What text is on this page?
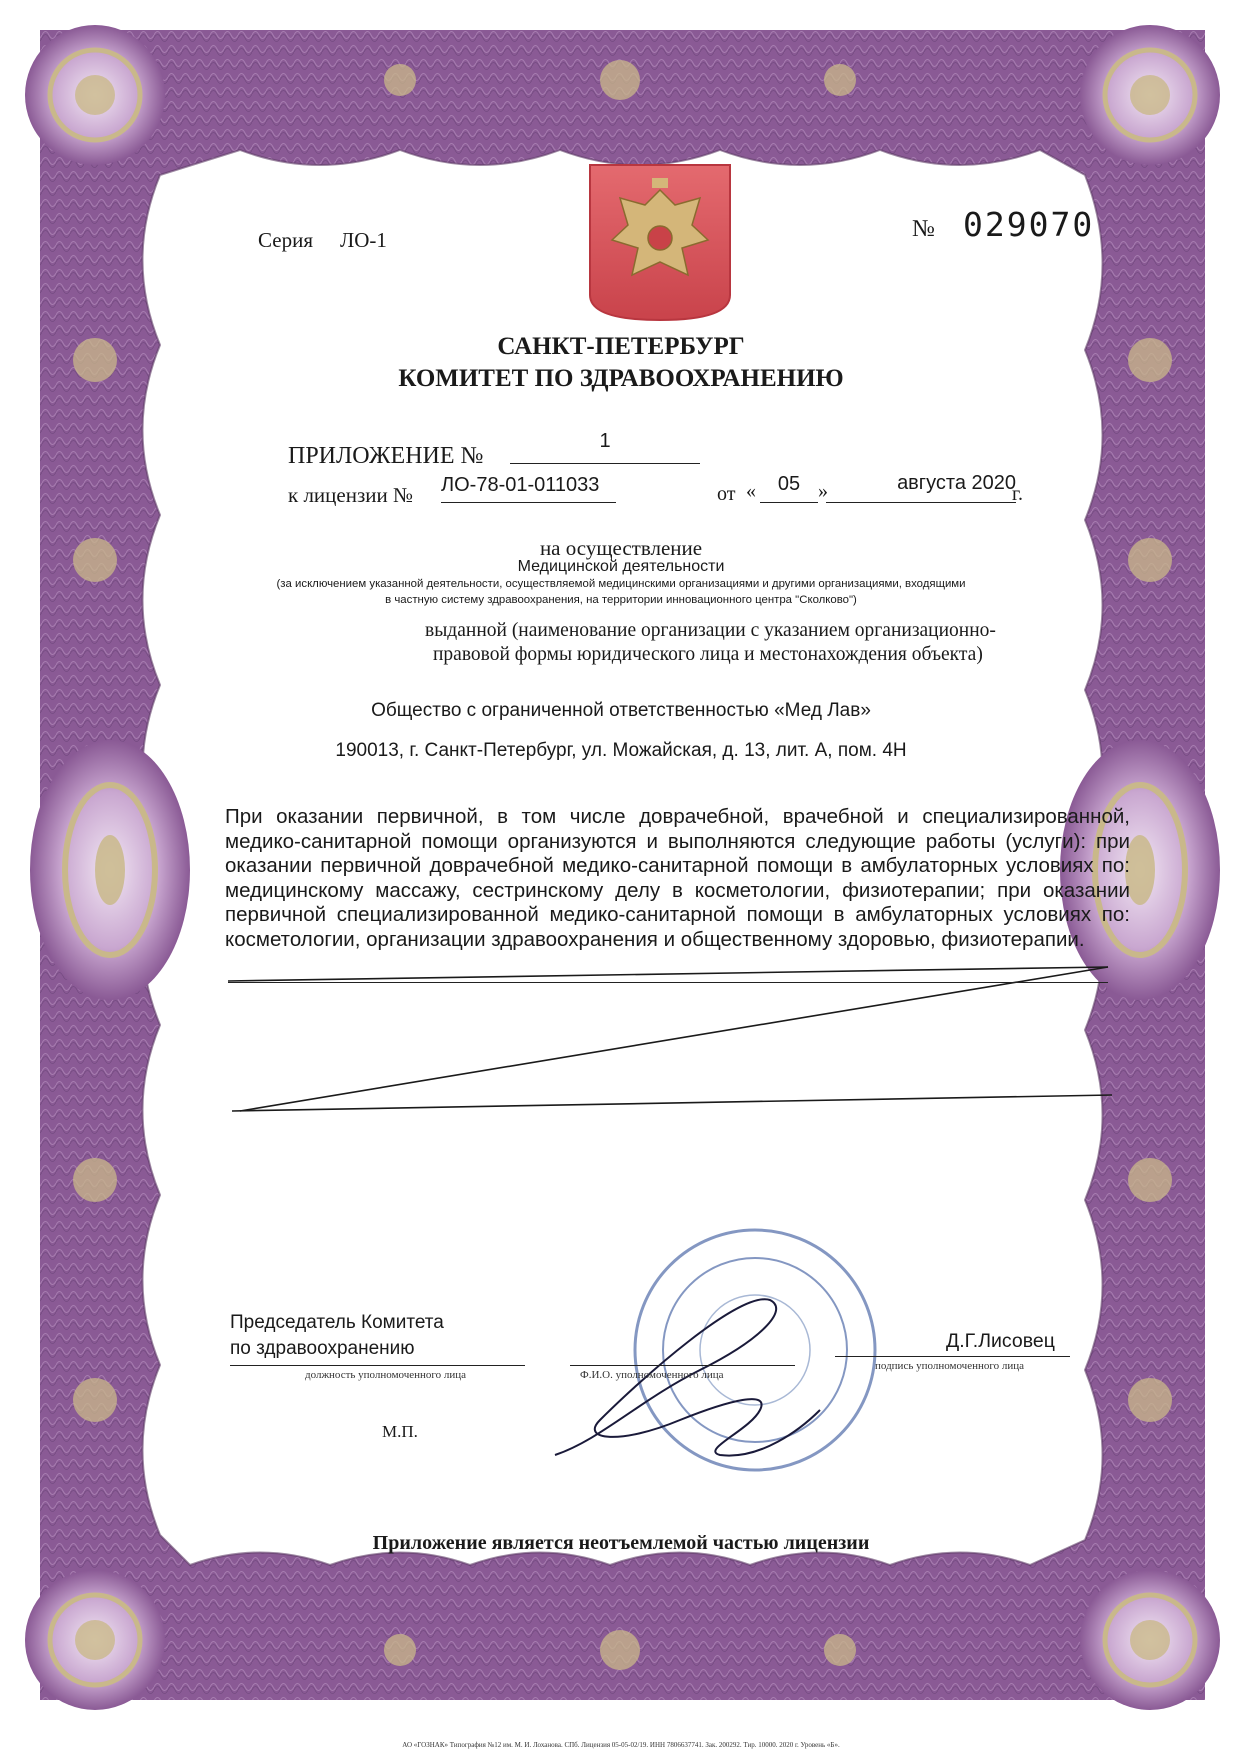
Серия ЛО-1	№ 029070
САНКТ-ПЕТЕРБУРГ
КОМИТЕТ ПО ЗДРАВООХРАНЕНИЮ
ПРИЛОЖЕНИЕ №
1
к лицензии № ЛО-78-01-011033	от «	05 »	августа 2020
г.
на осуществление
Медицинской деятельности
(за исключением указанной деятельности, осуществляемой медицинскими организациями и другими организациями, входящими
в частную систему здравоохранения, на территории инновационного центра "Сколково")
выданной (наименование организации с указанием организационно-
правовой формы юридического лица и местонахождения объекта)
Общество с ограниченной ответственностью «Мед Лав»
190013, г. Санкт-Петербург, ул. Можайская, д. 13, лит. А, пом. 4Н

При оказании первичной, в том числе доврачебной, врачебной и специализированной, медико-санитарной помощи организуются и выполняются следующие работы (услуги): при оказании первичной доврачебной медико-санитарной помощи в амбулаторных условиях по: медицинскому массажу, сестринскому делу в косметологии, физиотерапии; при оказании первичной специализированной медико-санитарной помощи в амбулаторных условиях по: косметологии, организации здравоохранения и общественному здоровью, физиотерапии.

Председатель Комитета
по здравоохранению
должность уполномоченного лица	Ф.И.О. уполномоченного лица
Д.Г.Лисовец
подпись уполномоченного лица
М.П.
Приложение является неотъемлемой частью лицензии
АО «ГОЗНАК» Типография №12 им. М. И. Лоханова. СПб. Лицензия 05-05-02/19. ИНН 7806637741. Зак. 200292. Тир. 10000. 2020 г. Уровень «Б».
